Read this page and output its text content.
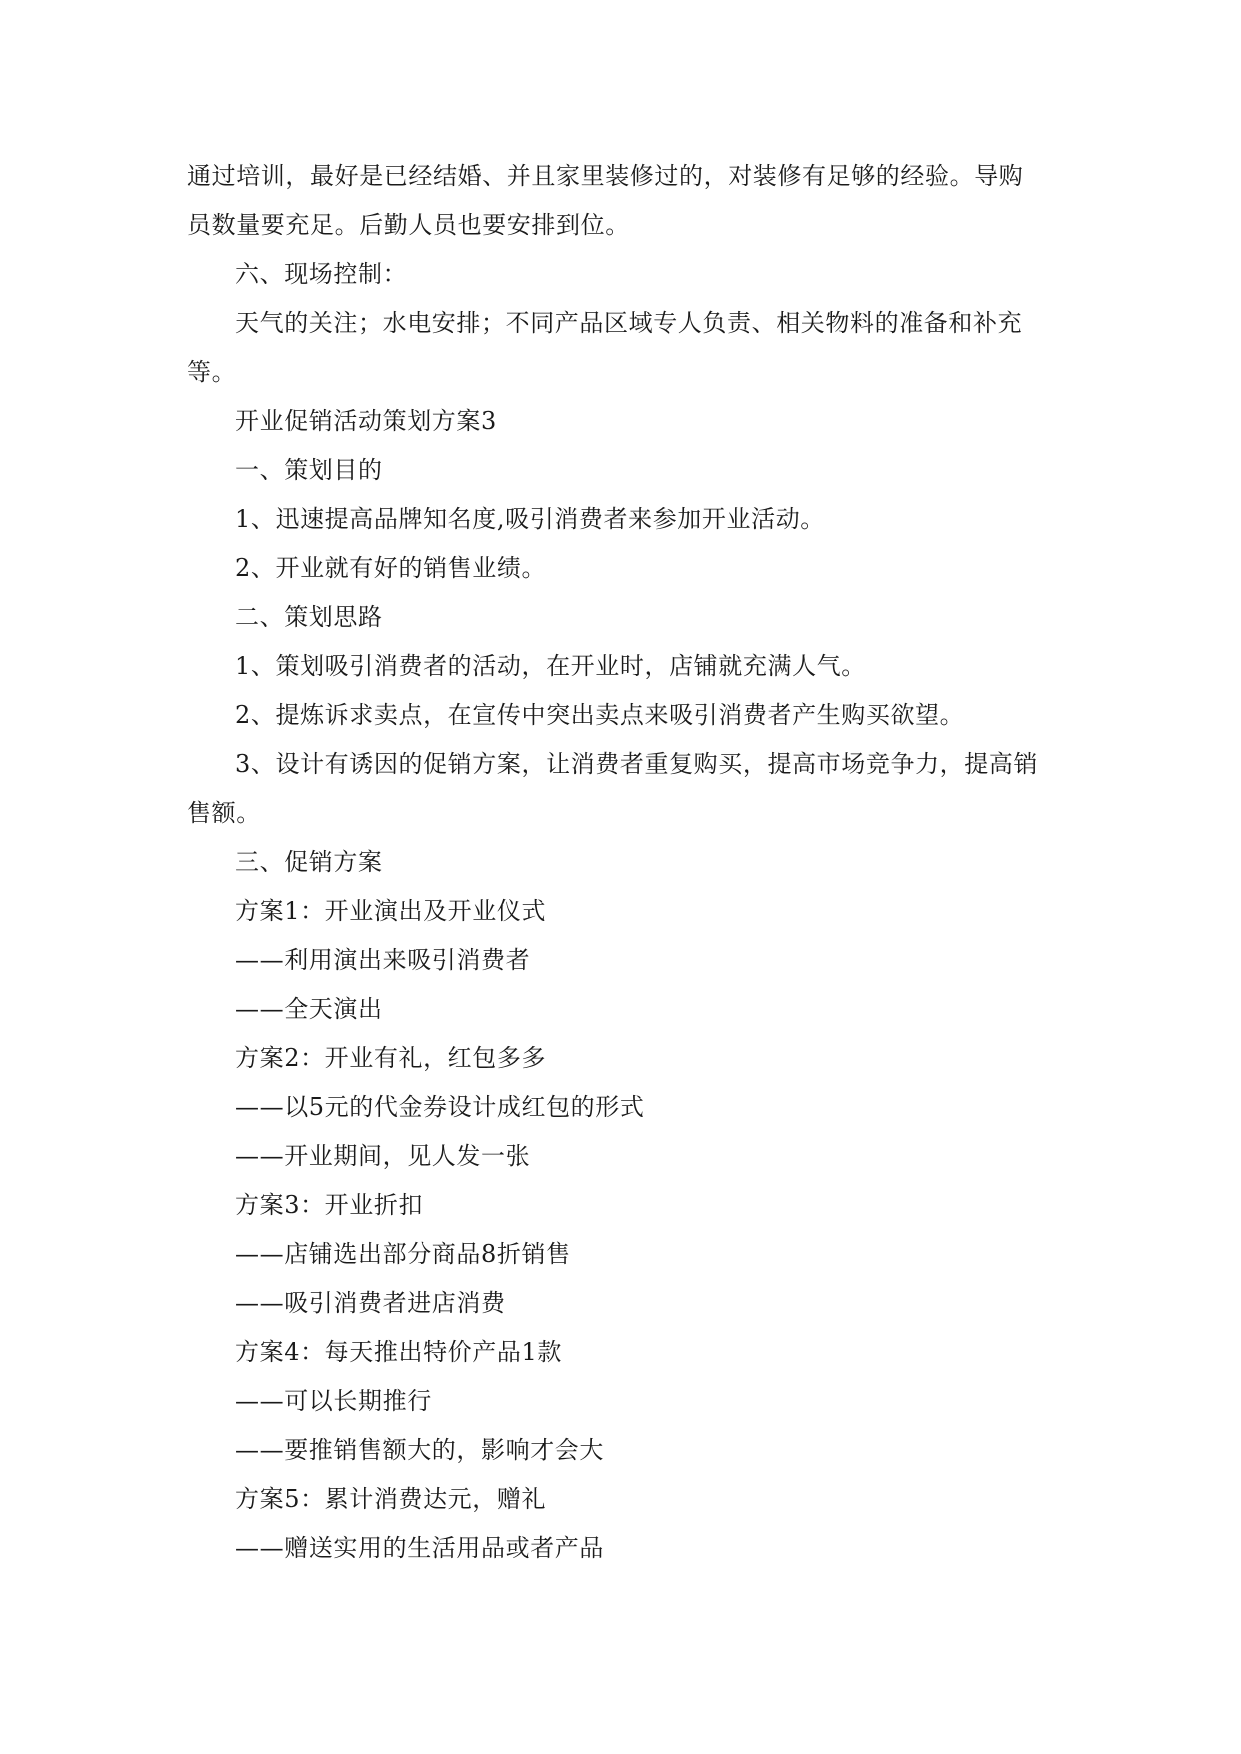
通过培训，最好是已经结婚、并且家里装修过的，对装修有足够的经验。导购员数量要充足。后勤人员也要安排到位。

六、现场控制：

天气的关注；水电安排；不同产品区域专人负责、相关物料的准备和补充等。

开业促销活动策划方案3

一、策划目的

1、迅速提高品牌知名度,吸引消费者来参加开业活动。

2、开业就有好的销售业绩。

二、策划思路

1、策划吸引消费者的活动，在开业时，店铺就充满人气。

2、提炼诉求卖点，在宣传中突出卖点来吸引消费者产生购买欲望。

3、设计有诱因的促销方案，让消费者重复购买，提高市场竞争力，提高销售额。

三、促销方案

方案1：开业演出及开业仪式

——利用演出来吸引消费者

——全天演出

方案2：开业有礼，红包多多

——以5元的代金券设计成红包的形式

——开业期间，见人发一张

方案3：开业折扣

——店铺选出部分商品8折销售

——吸引消费者进店消费

方案4：每天推出特价产品1款

——可以长期推行

——要推销售额大的，影响才会大

方案5：累计消费达元，赠礼

——赠送实用的生活用品或者产品
